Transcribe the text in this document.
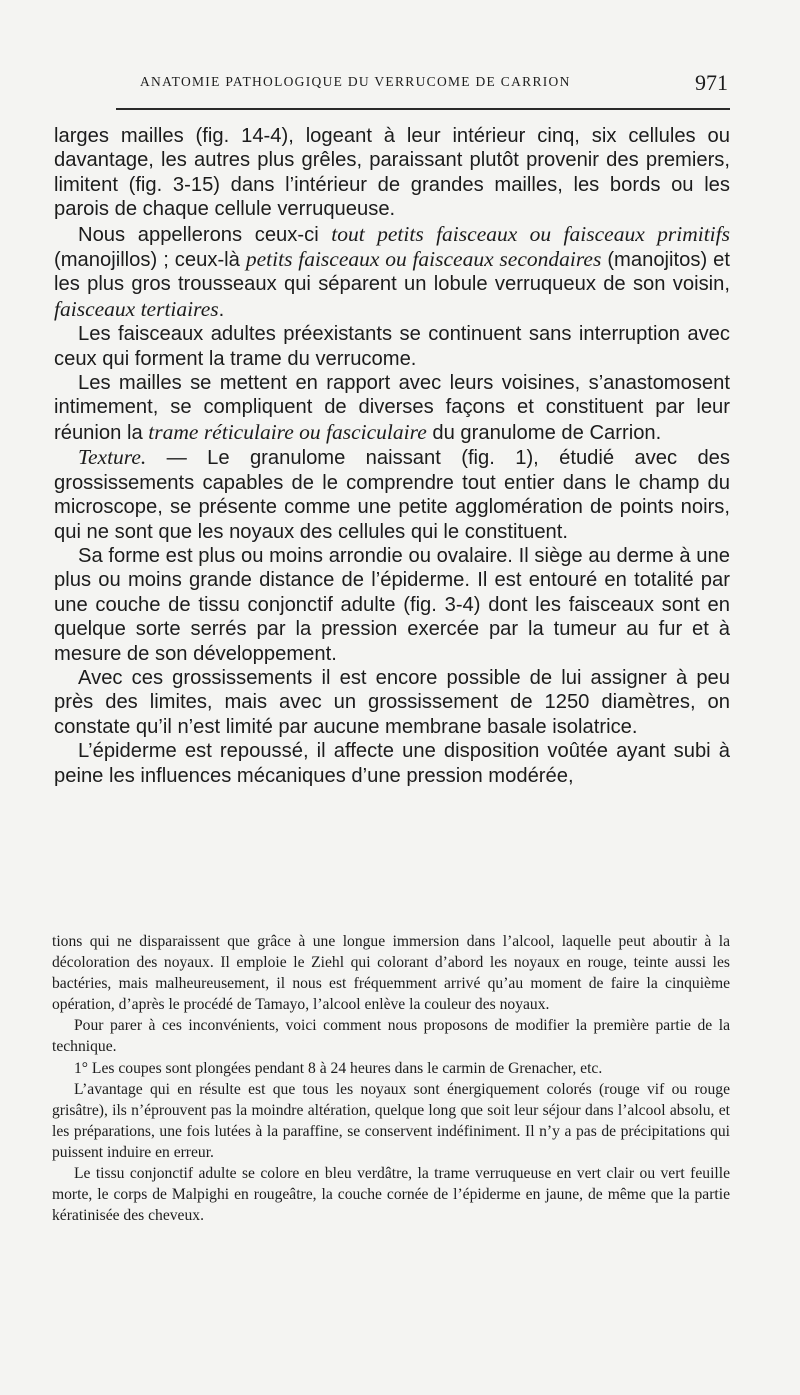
ANATOMIE PATHOLOGIQUE DU VERRUCOME DE CARRION	971

larges mailles (fig. 14-4), logeant à leur intérieur cinq, six cellules ou davantage, les autres plus grêles, paraissant plutôt provenir des premiers, limitent (fig. 3-15) dans l’intérieur de grandes mailles, les bords ou les parois de chaque cellule verruqueuse.

Nous appellerons ceux-ci tout petits faisceaux ou faisceaux primitifs (manojillos) ; ceux-là petits faisceaux ou faisceaux secondaires (manojitos) et les plus gros trousseaux qui séparent un lobule verruqueux de son voisin, faisceaux tertiaires.

Les faisceaux adultes préexistants se continuent sans interruption avec ceux qui forment la trame du verrucome.

Les mailles se mettent en rapport avec leurs voisines, s’anastomosent intimement, se compliquent de diverses façons et constituent par leur réunion la trame réticulaire ou fasciculaire du granulome de Carrion.

Texture. — Le granulome naissant (fig. 1), étudié avec des grossissements capables de le comprendre tout entier dans le champ du microscope, se présente comme une petite agglomération de points noirs, qui ne sont que les noyaux des cellules qui le constituent.

Sa forme est plus ou moins arrondie ou ovalaire. Il siège au derme à une plus ou moins grande distance de l’épiderme. Il est entouré en totalité par une couche de tissu conjonctif adulte (fig. 3-4) dont les faisceaux sont en quelque sorte serrés par la pression exercée par la tumeur au fur et à mesure de son développement.

Avec ces grossissements il est encore possible de lui assigner à peu près des limites, mais avec un grossissement de 1250 diamètres, on constate qu’il n’est limité par aucune membrane basale isolatrice.

L’épiderme est repoussé, il affecte une disposition voûtée ayant subi à peine les influences mécaniques d’une pression modérée,

tions qui ne disparaissent que grâce à une longue immersion dans l’alcool, laquelle peut aboutir à la décoloration des noyaux. Il emploie le Ziehl qui colorant d’abord les noyaux en rouge, teinte aussi les bactéries, mais malheureusement, il nous est fréquemment arrivé qu’au moment de faire la cinquième opération, d’après le procédé de Tamayo, l’alcool enlève la couleur des noyaux.

Pour parer à ces inconvénients, voici comment nous proposons de modifier la première partie de la technique.

1° Les coupes sont plongées pendant 8 à 24 heures dans le carmin de Grenacher, etc.

L’avantage qui en résulte est que tous les noyaux sont énergiquement colorés (rouge vif ou rouge grisâtre), ils n’éprouvent pas la moindre altération, quelque long que soit leur séjour dans l’alcool absolu, et les préparations, une fois lutées à la paraffine, se conservent indéfiniment. Il n’y a pas de précipitations qui puissent induire en erreur.

Le tissu conjonctif adulte se colore en bleu verdâtre, la trame verruqueuse en vert clair ou vert feuille morte, le corps de Malpighi en rougeâtre, la couche cornée de l’épiderme en jaune, de même que la partie kératinisée des cheveux.
